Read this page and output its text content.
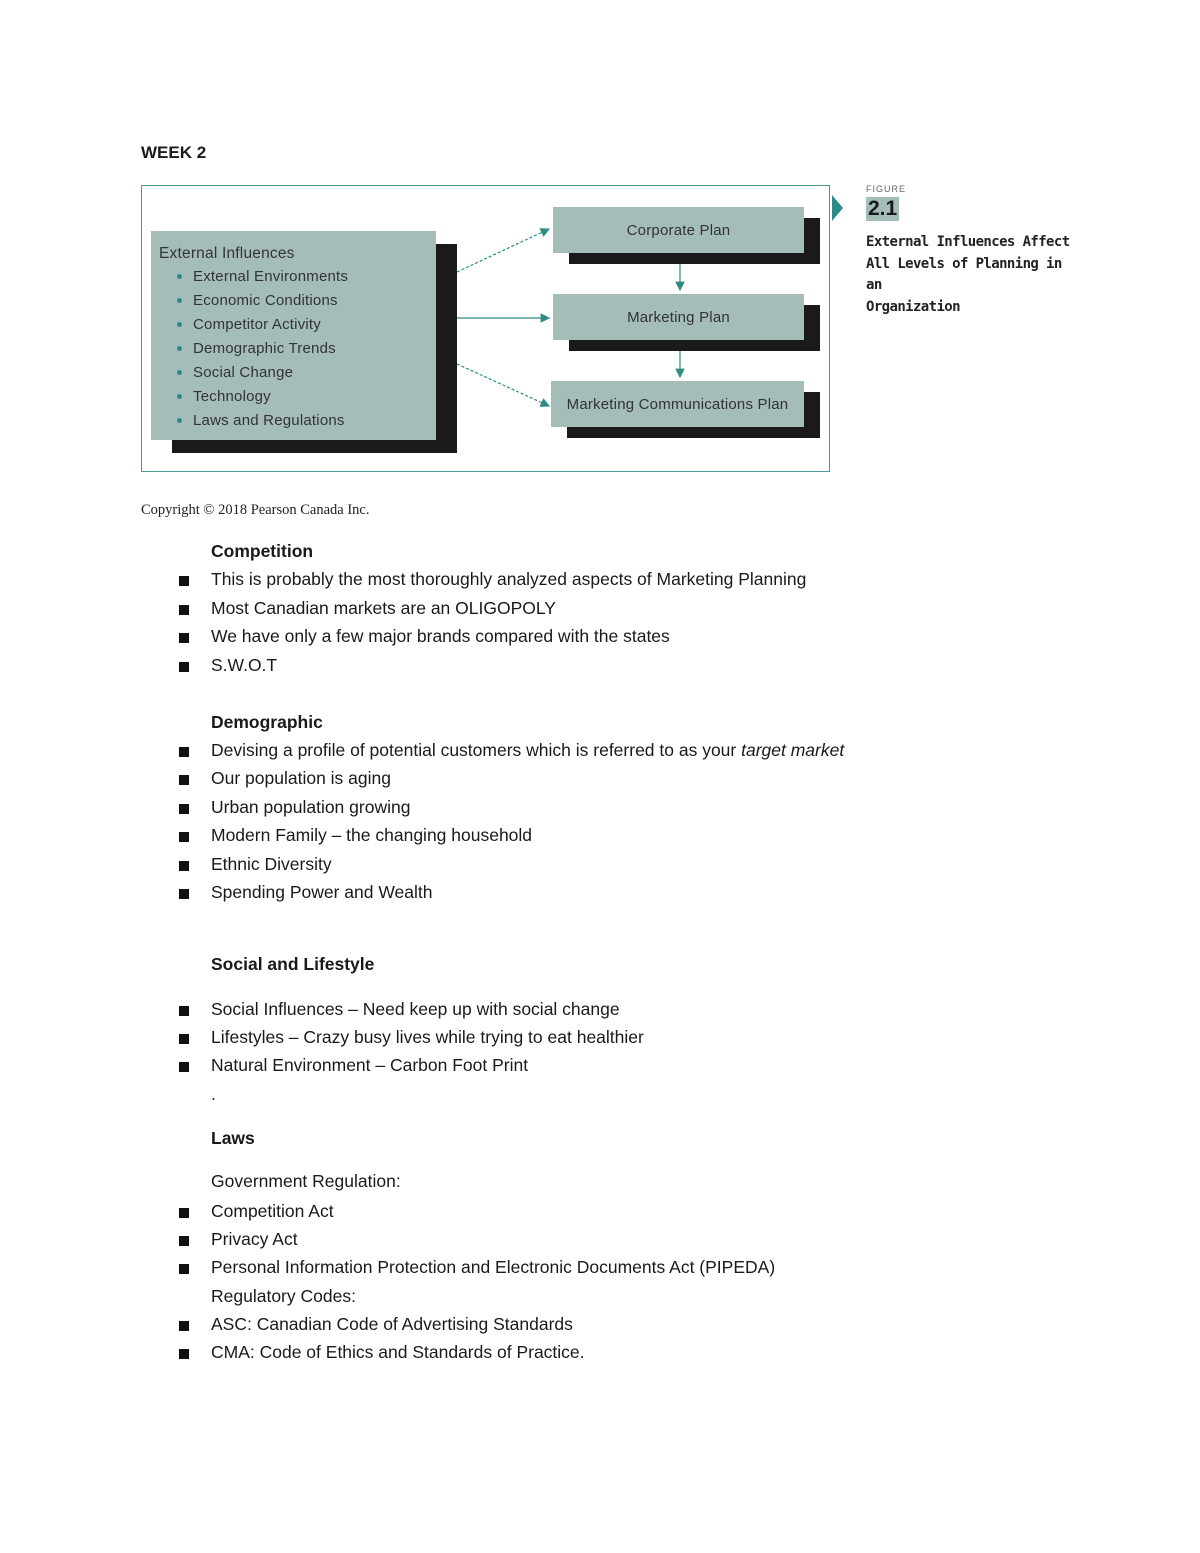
WEEK 2

External Influences

External Environments
Economic Conditions
Competitor Activity
Demographic Trends
Social Change
Technology
Laws and Regulations
Corporate Plan
Marketing Plan
Marketing Communications Plan
FIGURE
2.1
External Influences Affect
All Levels of Planning in an
Organization
Copyright © 2018 Pearson Canada Inc.

Competition

This is probably the most thoroughly analyzed aspects of Marketing Planning

Most Canadian markets are an OLIGOPOLY

We have only a few major brands compared with the states

S.W.O.T

Demographic

Devising a profile of potential customers which is referred to as your target market

Our population is aging

Urban population growing

Modern Family – the changing household

Ethnic Diversity

Spending Power and Wealth

Social and Lifestyle

Social Influences – Need keep up with social change

Lifestyles – Crazy busy lives while trying to eat healthier

Natural Environment – Carbon Foot Print

.

Laws

Government Regulation:

Competition Act

Privacy Act

Personal Information Protection and Electronic Documents Act (PIPEDA)

Regulatory Codes:

ASC: Canadian Code of Advertising Standards

CMA: Code of Ethics and Standards of Practice.
